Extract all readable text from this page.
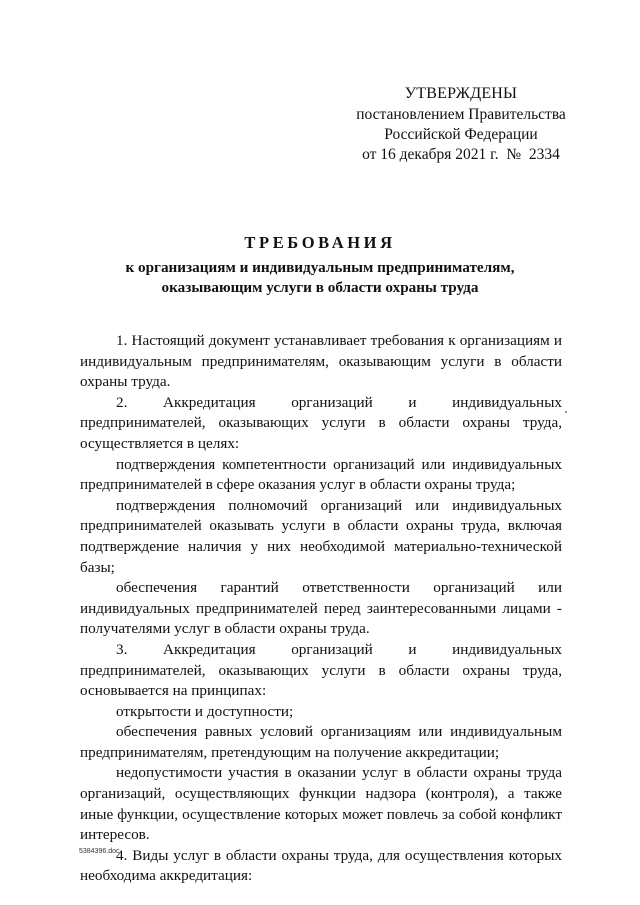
УТВЕРЖДЕНЫ
постановлением Правительства
Российской Федерации
от 16 декабря 2021 г.  №  2334
ТРЕБОВАНИЯ
к организациям и индивидуальным предпринимателям,
оказывающим услуги в области охраны труда

1. Настоящий документ устанавливает требования к организациям и индивидуальным предпринимателям, оказывающим услуги в области охраны труда.

2. Аккредитация организаций и индивидуальных предпринимателей, оказывающих услуги в области охраны труда, осуществляется в целях:

подтверждения компетентности организаций или индивидуальных предпринимателей в сфере оказания услуг в области охраны труда;

подтверждения полномочий организаций или индивидуальных предпринимателей оказывать услуги в области охраны труда, включая подтверждение наличия у них необходимой материально-технической базы;

обеспечения гарантий ответственности организаций или индивидуальных предпринимателей перед заинтересованными лицами - получателями услуг в области охраны труда.

3. Аккредитация организаций и индивидуальных предпринимателей, оказывающих услуги в области охраны труда, основывается на принципах:

открытости и доступности;

обеспечения равных условий организациям или индивидуальным предпринимателям, претендующим на получение аккредитации;

недопустимости участия в оказании услуг в области охраны труда организаций, осуществляющих функции надзора (контроля), а также иные функции, осуществление которых может повлечь за собой конфликт интересов.

4. Виды услуг в области охраны труда, для осуществления которых необходима аккредитация:

5384396.doc
